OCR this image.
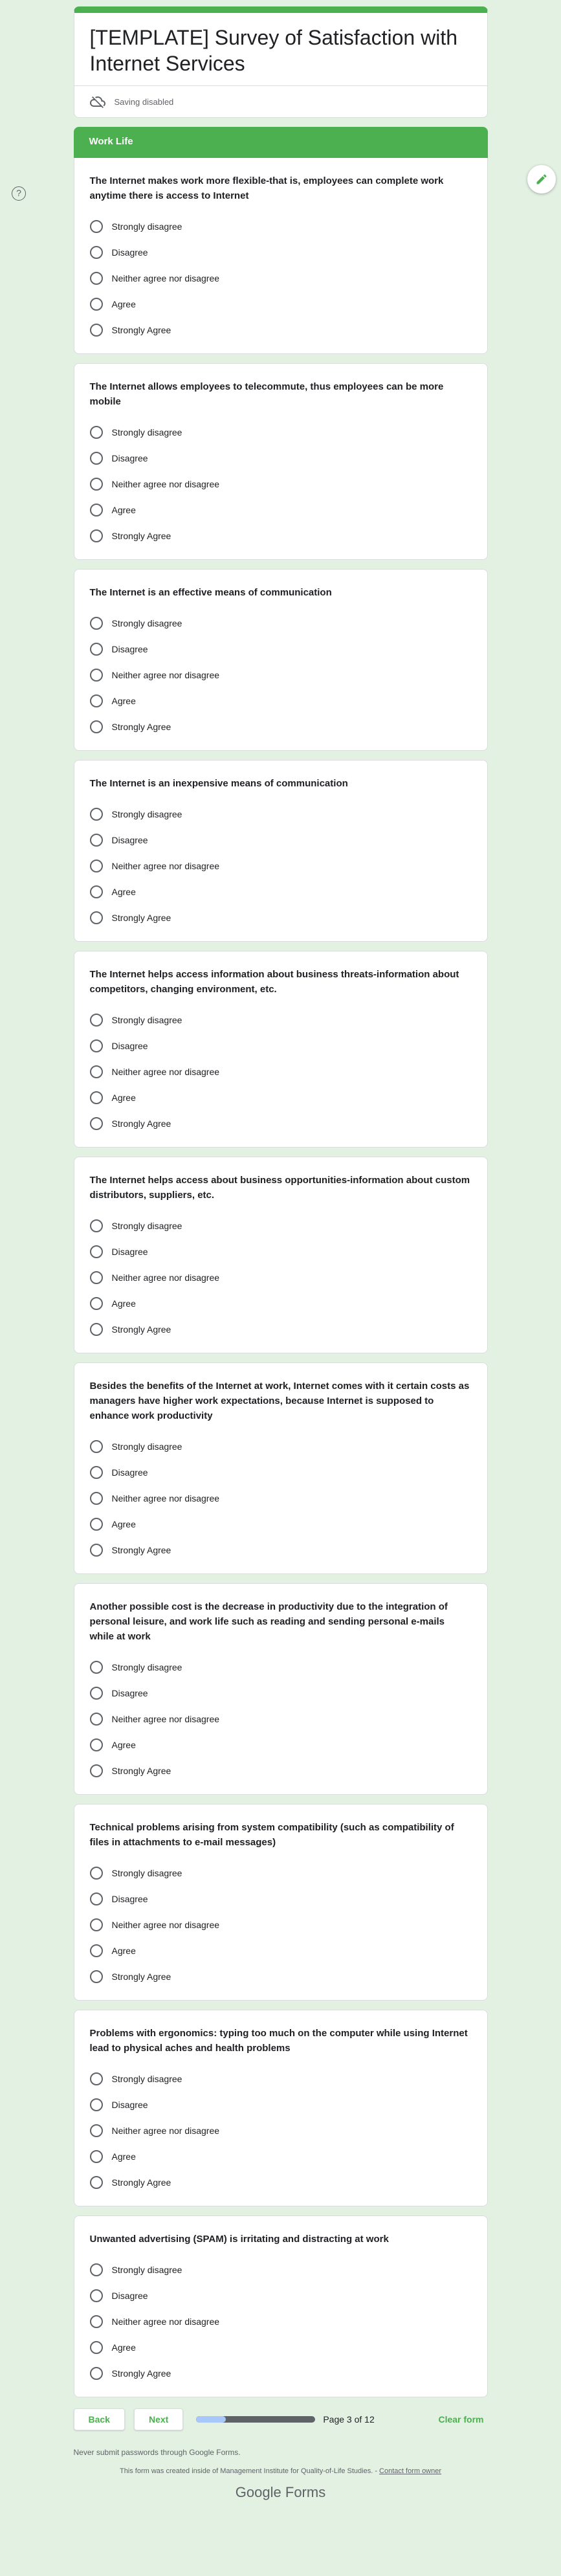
?
[TEMPLATE] Survey of Satisfaction with Internet Services
Saving disabled
Work Life
The Internet makes work more flexible-that is, employees can complete work anytime there is access to Internet
Strongly disagree
Disagree
Neither agree nor disagree
Agree
Strongly Agree
The Internet allows employees to telecommute, thus employees can be more mobile
Strongly disagree
Disagree
Neither agree nor disagree
Agree
Strongly Agree
The Internet is an effective means of communication
Strongly disagree
Disagree
Neither agree nor disagree
Agree
Strongly Agree
The Internet is an inexpensive means of communication
Strongly disagree
Disagree
Neither agree nor disagree
Agree
Strongly Agree
The Internet helps access information about business threats-information about competitors, changing environment, etc.
Strongly disagree
Disagree
Neither agree nor disagree
Agree
Strongly Agree
The Internet helps access about business opportunities-information about custom distributors, suppliers, etc.
Strongly disagree
Disagree
Neither agree nor disagree
Agree
Strongly Agree
Besides the benefits of the Internet at work, Internet comes with it certain costs as managers have higher work expectations, because Internet is supposed to enhance work productivity
Strongly disagree
Disagree
Neither agree nor disagree
Agree
Strongly Agree
Another possible cost is the decrease in productivity due to the integration of personal leisure, and work life such as reading and sending personal e-mails while at work
Strongly disagree
Disagree
Neither agree nor disagree
Agree
Strongly Agree
Technical problems arising from system compatibility (such as compatibility of files in attachments to e-mail messages)
Strongly disagree
Disagree
Neither agree nor disagree
Agree
Strongly Agree
Problems with ergonomics: typing too much on the computer while using Internet lead to physical aches and health problems
Strongly disagree
Disagree
Neither agree nor disagree
Agree
Strongly Agree
Unwanted advertising (SPAM) is irritating and distracting at work
Strongly disagree
Disagree
Neither agree nor disagree
Agree
Strongly Agree
Back	Next	Page 3 of 12	Clear form
Never submit passwords through Google Forms.
This form was created inside of Management Institute for Quality-of-Life Studies. - Contact form owner
Google Forms
